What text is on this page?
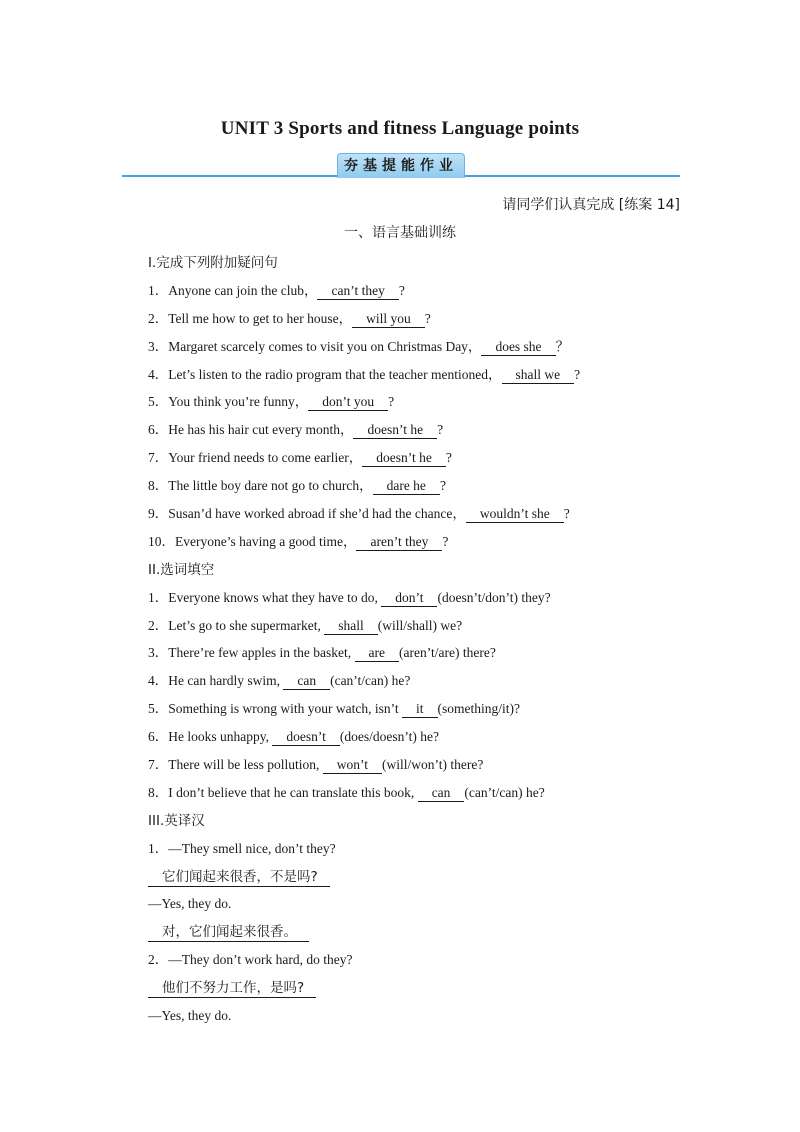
UNIT 3 Sports and fitness Language points
夯基提能作业
请同学们认真完成 [练案 14]
一、语言基础训练
I.完成下列附加疑问句
1．Anyone can join the club， can’t they ?
2．Tell me how to get to her house， will you ?
3．Margaret scarcely comes to visit you on Christmas Day， does she ？
4．Let’s listen to the radio program that the teacher mentioned， shall we ?
5．You think you’re funny， don’t you ?
6．He has his hair cut every month， doesn’t he ?
7．Your friend needs to come earlier， doesn’t he ?
8．The little boy dare not go to church， dare he ?
9．Susan’d have worked abroad if she’d had the chance， wouldn’t she ?
10．Everyone’s having a good time， aren’t they ?
II.选词填空
1．Everyone knows what they have to do, don’t (doesn’t/don’t) they?
2．Let’s go to she supermarket, shall (will/shall) we?
3．There’re few apples in the basket, are (aren’t/are) there?
4．He can hardly swim, can (can’t/can) he?
5．Something is wrong with your watch, isn’t it (something/it)?
6．He looks unhappy, doesn’t (does/doesn’t) he?
7．There will be less pollution, won’t (will/won’t) there?
8．I don’t believe that he can translate this book, can (can’t/can) he?
III.英译汉
1．—They smell nice, don’t they?
它们闻起来很香，不是吗?
—Yes, they do.
对，它们闻起来很香。
2．—They don’t work hard, do they?
他们不努力工作，是吗?
—Yes, they do.
